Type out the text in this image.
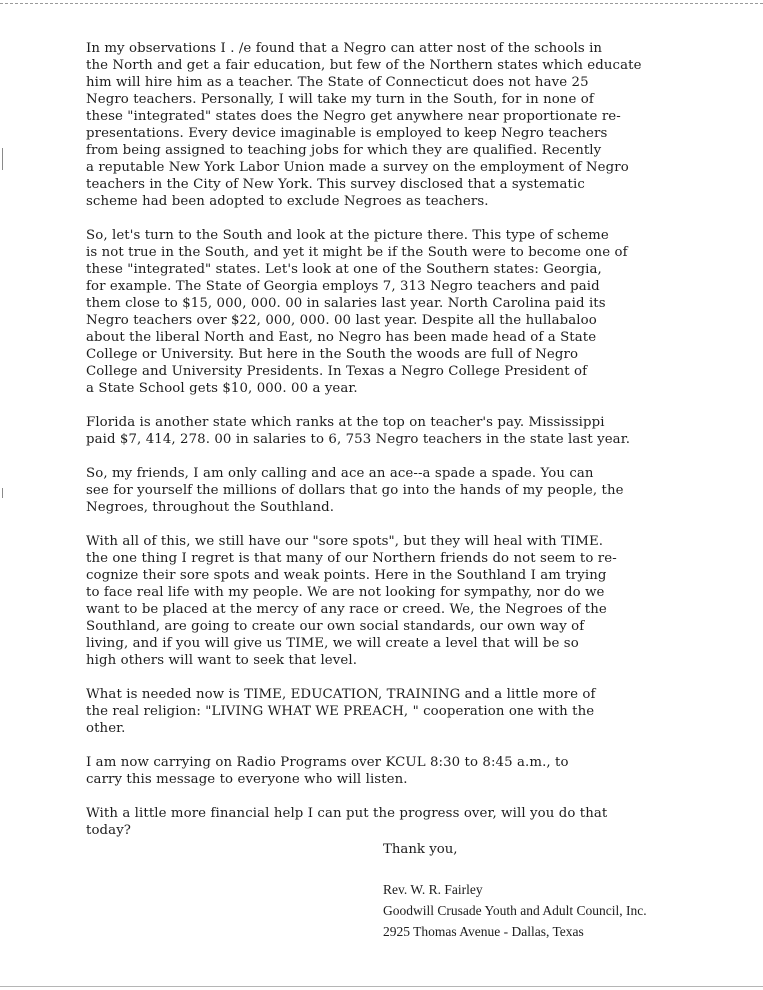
In my observations I . /e found that a Negro can atter nost of the schools in
the North and get a fair education, but few of the Northern states which educate
him will hire him as a teacher. The State of Connecticut does not have 25
Negro teachers. Personally, I will take my turn in the South, for in none of
these "integrated" states does the Negro get anywhere near proportionate re-
presentations. Every device imaginable is employed to keep Negro teachers
from being assigned to teaching jobs for which they are qualified. Recently
a reputable New York Labor Union made a survey on the employment of Negro
teachers in the City of New York. This survey disclosed that a systematic
scheme had been adopted to exclude Negroes as teachers.
So, let's turn to the South and look at the picture there. This type of scheme
is not true in the South, and yet it might be if the South were to become one of
these "integrated" states. Let's look at one of the Southern states: Georgia,
for example. The State of Georgia employs 7, 313 Negro teachers and paid
them close to $15, 000, 000. 00 in salaries last year. North Carolina paid its
Negro teachers over $22, 000, 000. 00 last year. Despite all the hullabaloo
about the liberal North and East, no Negro has been made head of a State
College or University. But here in the South the woods are full of Negro
College and University Presidents. In Texas a Negro College President of
a State School gets $10, 000. 00 a year.
Florida is another state which ranks at the top on teacher's pay. Mississippi
paid $7, 414, 278. 00 in salaries to 6, 753 Negro teachers in the state last year.
So, my friends, I am only calling and ace an ace--a spade a spade. You can
see for yourself the millions of dollars that go into the hands of my people, the
Negroes, throughout the Southland.
With all of this, we still have our "sore spots", but they will heal with TIME.
the one thing I regret is that many of our Northern friends do not seem to re-
cognize their sore spots and weak points. Here in the Southland I am trying
to face real life with my people. We are not looking for sympathy, nor do we
want to be placed at the mercy of any race or creed. We, the Negroes of the
Southland, are going to create our own social standards, our own way of
living, and if you will give us TIME, we will create a level that will be so
high others will want to seek that level.
What is needed now is TIME, EDUCATION, TRAINING and a little more of
the real religion: "LIVING WHAT WE PREACH, " cooperation one with the
other.
I am now carrying on Radio Programs over KCUL 8:30 to 8:45 a.m., to
carry this message to everyone who will listen.
With a little more financial help I can put the progress over, will you do that
today?
Thank you,
Rev. W. R. Fairley
Goodwill Crusade Youth and Adult Council, Inc.
2925 Thomas Avenue - Dallas, Texas
